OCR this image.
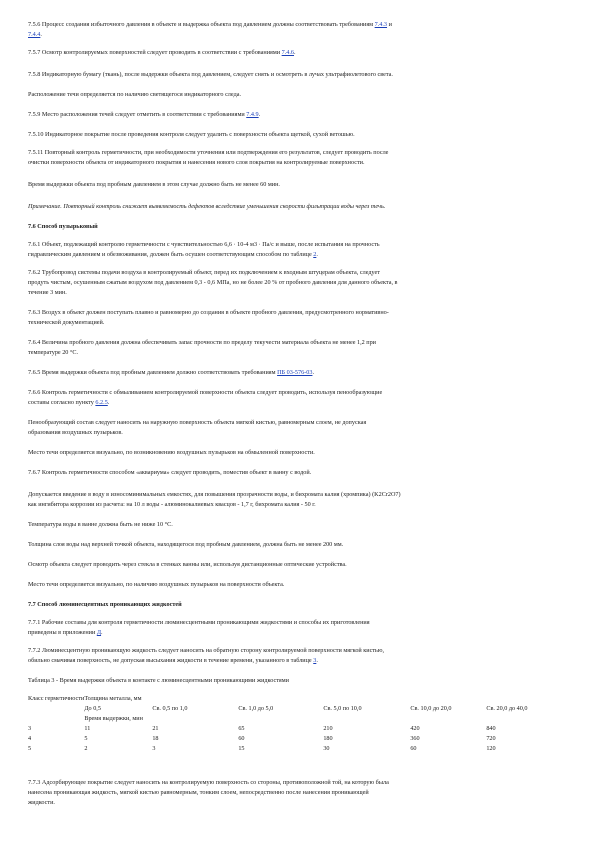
7.5.6 Процесс создания избыточного давления в объекте и выдержка объекта под давлением должны соответствовать требованиям 7.4.3 и
7.4.4.
7.5.7 Осмотр контролируемых поверхностей следует проводить в соответствии с требованиями 7.4.6.
7.5.8 Индикаторную бумагу (ткань), после выдержки объекта под давлением, следует снять и осмотреть в лучах ультрафиолетового света.
Расположение течи определяется по наличию светящегося индикаторного следа.
7.5.9 Место расположения течей следует отметить в соответствии с требованиями 7.4.9.
7.5.10 Индикаторное покрытие после проведения контроля следует удалить с поверхности объекта щеткой, сухой ветошью.
7.5.11 Повторный контроль герметичности, при необходимости уточнения или подтверждения его результатов, следует проводить после
очистки поверхности объекта от индикаторного покрытия и нанесения нового слоя покрытия на контролируемые поверхности.
Время выдержки объекта под пробным давлением в этом случае должно быть не менее 60 мин.
Примечание. Повторный контроль снижает выявляемость дефектов вследствие уменьшения скорости фильтрации воды через течь.
7.6 Способ пузырьковый
7.6.1 Объект, подлежащий контролю герметичности с чувствительностью 6,6 · 10-4 м3 · Па/с и выше, после испытания на прочность
гидравлическим давлением и обезвоживания, должен быть осушен соответствующим способом по таблице 2.
7.6.2 Трубопровод системы подачи воздуха в контролируемый объект, перед их подключением к входным штуцерам объекта, следует
продуть чистым, осушенным сжатым воздухом под давлением 0,3 - 0,6 МПа, но не более 20 % от пробного давления для данного объекта, в
течение 3 мин.
7.6.3 Воздух в объект должен поступать плавно и равномерно до создания в объекте пробного давления, предусмотренного нормативно-
технической документацией.
7.6.4 Величина пробного давления должна обеспечивать запас прочности по пределу текучести материала объекта не менее 1,2 при
температуре 20 °С.
7.6.5 Время выдержки объекта под пробным давлением должно соответствовать требованиям ПБ 03-576-03.
7.6.6 Контроль герметичности с обмыливанием контролируемой поверхности объекта следует проводить, используя пенообразующие
составы согласно пункту 6.2.5.
Пенообразующий состав следует наносить на наружную поверхность объекта мягкой кистью, равномерным слоем, не допуская
образования воздушных пузырьков.
Место течи определяется визуально, по возникновению воздушных пузырьков на обмыленной поверхности.
7.6.7 Контроль герметичности способом «аквариума» следует проводить, поместив объект в ванну с водой.
Допускается введение в воду в износоминимальных емкостях, для повышения прозрачности воды, и бихромата калия (хромпика) (K2Cr2O7)
как ингибитора коррозии из расчета: на 10 л воды - алюминокалиевых квасцов - 1,7 г, бихромата калия - 50 г.
Температура воды в ванне должна быть не ниже 10 °С.
Толщина слоя воды над верхней точкой объекта, находящегося под пробным давлением, должна быть не менее 200 мм.
Осмотр объекта следует проводить через стекла в стенках ванны или, используя дистанционные оптические устройства.
Место течи определяется визуально, по наличию воздушных пузырьков на поверхности объекта.
7.7 Способ люминесцентных проникающих жидкостей
7.7.1 Рабочие составы для контроля герметичности люминесцентными проникающими жидкостями и способы их приготовления
приведены в приложении Д.
7.7.2 Люминесцентную проникающую жидкость следует наносить на обратную сторону контролируемой поверхности мягкой кистью,
обильно смачивая поверхность, не допуская высыхания жидкости в течение времени, указанного в таблице 3.
Таблица 3 - Время выдержки объекта в контакте с люминесцентными проникающими жидкостями
7.7.3 Адсорбирующее покрытие следует наносить на контролируемую поверхность со стороны, противоположной той, на которую была
нанесена проникающая жидкость, мягкой кистью равномерным, тонким слоем, непосредственно после нанесения проникающей
жидкости.
Класс герметичности	Толщина металла, мм					
	До 0,5	Св. 0,5 по 1,0	Св. 1,0 до 5,0	Св. 5,0 по 10,0	Св. 10,0 до 20,0	Св. 20,0 до 40,0
	Время выдержки, мин					
3	11	21	65	210	420	840
4	5	18	60	180	360	720
5	2	3	15	30	60	120
